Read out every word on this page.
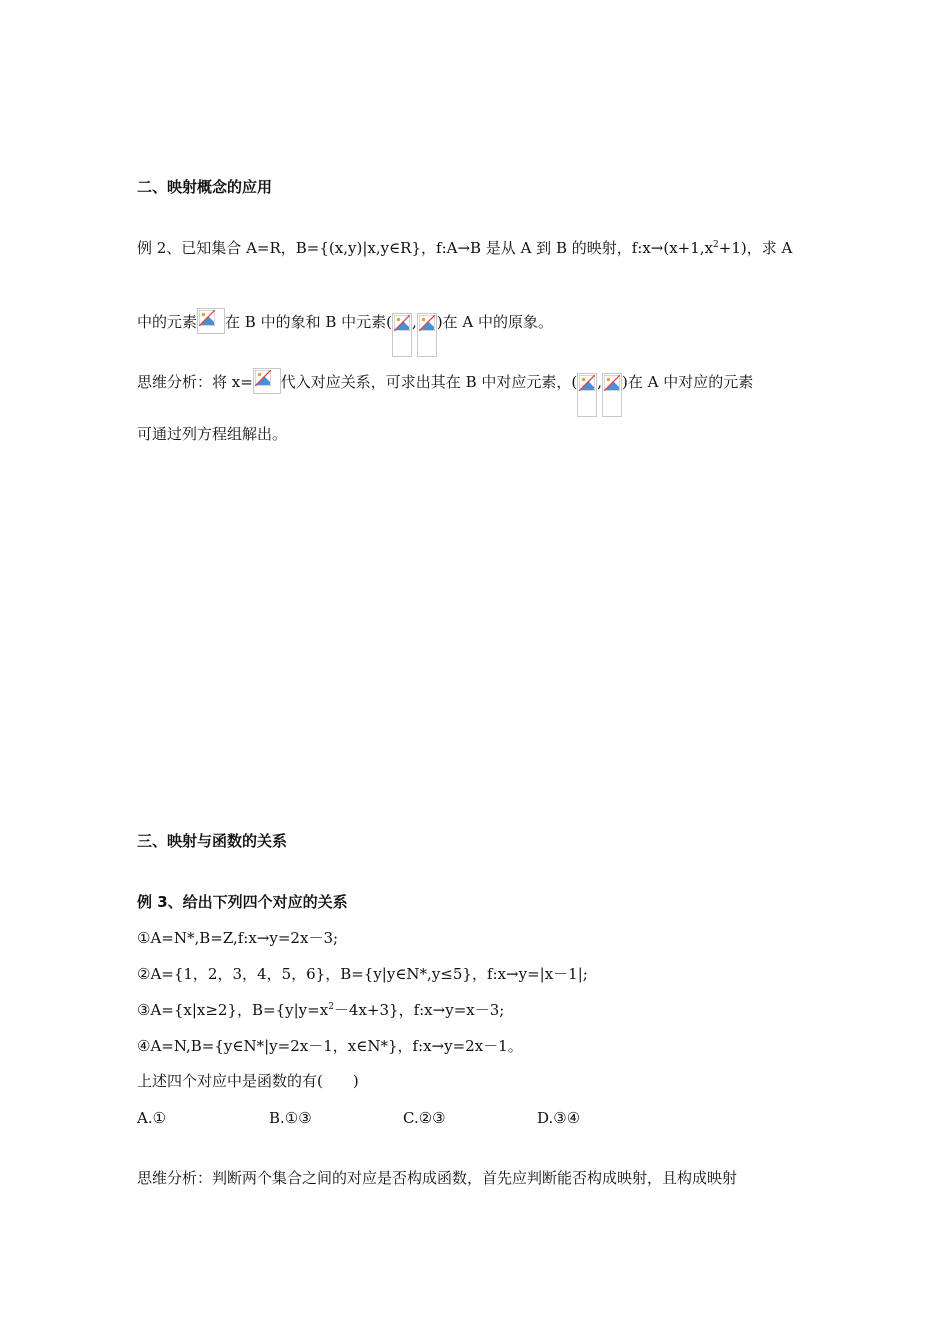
二、映射概念的应用
例 2、已知集合 A=R，B={(x,y)|x,y∈R}，f:A→B 是从 A 到 B 的映射，$f:x\to(x+1,x^2+1)$，求 A
中的元素 在 B 中的象和 B 中元素( , )在 A 中的原象。
思维分析：将 x= 代入对应关系，可求出其在 B 中对应元素，( , )在 A 中对应的元素
可通过列方程组解出。
三、映射与函数的关系
例 3、给出下列四个对应的关系
①A=N*,B=Z,f:x→y=2x－3;
②A={1，2，3，4，5，6}，B={y|y∈N*,y≤5}，f:x→y=|x－1|;
③A={x|x≥2}，$B=\{y|y=x^2-4x+3\}$，f:x→y=x－3;
④A=N,B={y∈N*|y=2x－1，x∈N*}，f:x→y=2x－1。
上述四个对应中是函数的有(　　)
A.①	B.①③	C.②③	D.③④
思维分析：判断两个集合之间的对应是否构成函数，首先应判断能否构成映射，且构成映射
